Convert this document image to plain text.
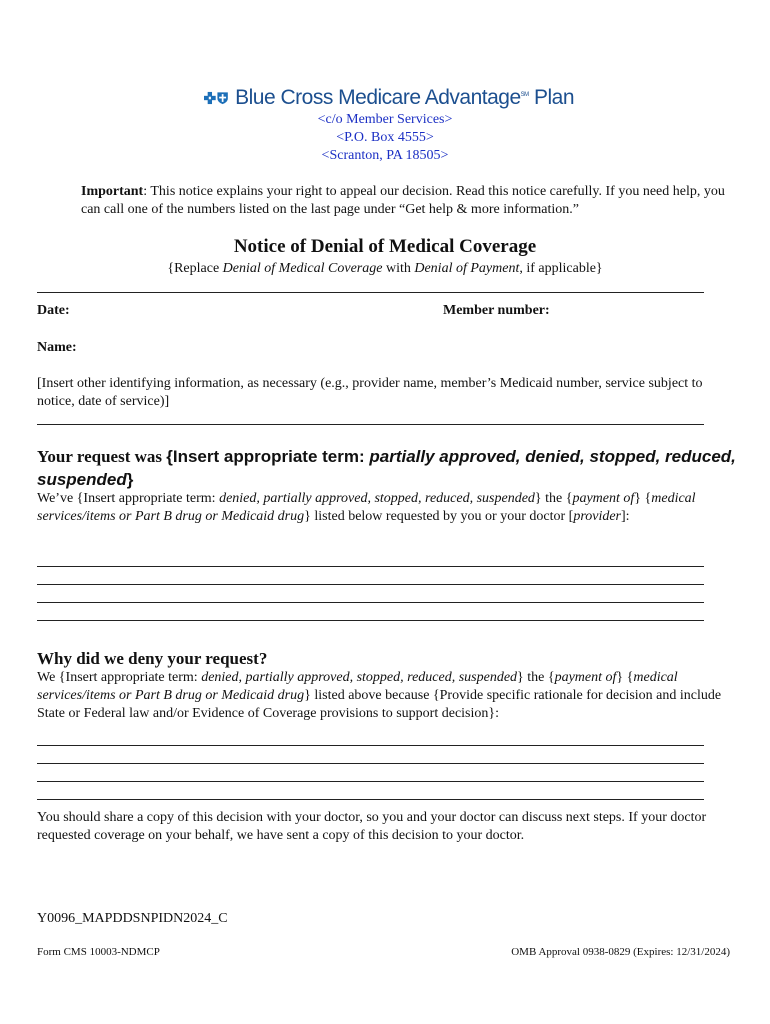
Blue Cross Medicare Advantage℠ Plan
<c/o Member Services>
<P.O. Box 4555>
<Scranton, PA 18505>
Important: This notice explains your right to appeal our decision. Read this notice carefully. If you need help, you can call one of the numbers listed on the last page under “Get help & more information.”
Notice of Denial of Medical Coverage
{Replace Denial of Medical Coverage with Denial of Payment, if applicable}
Date:	Member number:
Name:
[Insert other identifying information, as necessary (e.g., provider name, member’s Medicaid number, service subject to notice, date of service)]
Your request was {Insert appropriate term: partially approved, denied, stopped, reduced, suspended}
We’ve {Insert appropriate term: denied, partially approved, stopped, reduced, suspended} the {payment of} {medical services/items or Part B drug or Medicaid drug} listed below requested by you or your doctor [provider]:
Why did we deny your request?
We {Insert appropriate term: denied, partially approved, stopped, reduced, suspended} the {payment of} {medical services/items or Part B drug or Medicaid drug} listed above because {Provide specific rationale for decision and include State or Federal law and/or Evidence of Coverage provisions to support decision}:
You should share a copy of this decision with your doctor, so you and your doctor can discuss next steps. If your doctor requested coverage on your behalf, we have sent a copy of this decision to your doctor.
Y0096_MAPDDSNPIDN2024_C
Form CMS 10003-NDMCP	OMB Approval 0938-0829 (Expires: 12/31/2024)
